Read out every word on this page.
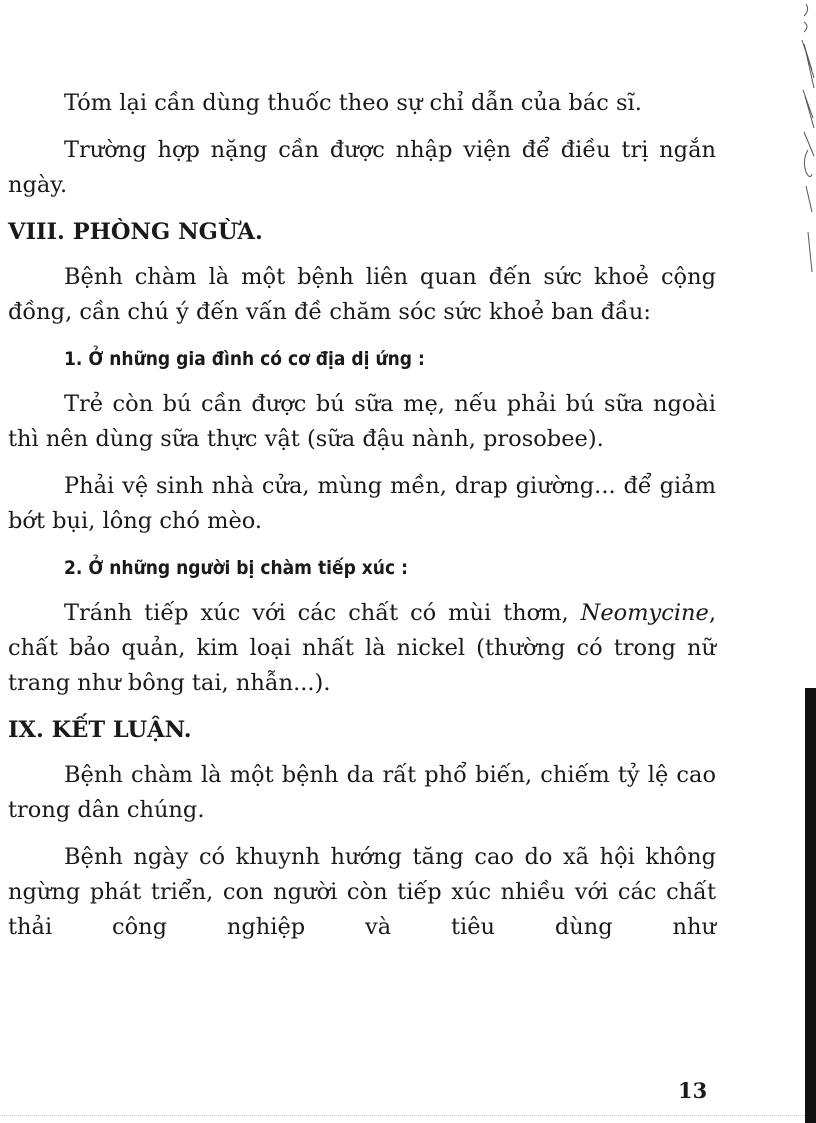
Tóm lại cần dùng thuốc theo sự chỉ dẫn của bác sĩ.

Trường hợp nặng cần được nhập viện để điều trị ngắn ngày.

VIII. PHÒNG NGỪA.

Bệnh chàm là một bệnh liên quan đến sức khoẻ cộng đồng, cần chú ý đến vấn đề chăm sóc sức khoẻ ban đầu:

1. Ở những gia đình có cơ địa dị ứng :

Trẻ còn bú cần được bú sữa mẹ, nếu phải bú sữa ngoài thì nên dùng sữa thực vật (sữa đậu nành, prosobee).

Phải vệ sinh nhà cửa, mùng mền, drap giường... để giảm bớt bụi, lông chó mèo.

2. Ở những người bị chàm tiếp xúc :

Tránh tiếp xúc với các chất có mùi thơm, Neomycine, chất bảo quản, kim loại nhất là nickel (thường có trong nữ trang như bông tai, nhẫn...).

IX. KẾT LUẬN.

Bệnh chàm là một bệnh da rất phổ biến, chiếm tỷ lệ cao trong dân chúng.

Bệnh ngày có khuynh hướng tăng cao do xã hội không ngừng phát triển, con người còn tiếp xúc nhiều với các chất thải công nghiệp và tiêu dùng như

13
